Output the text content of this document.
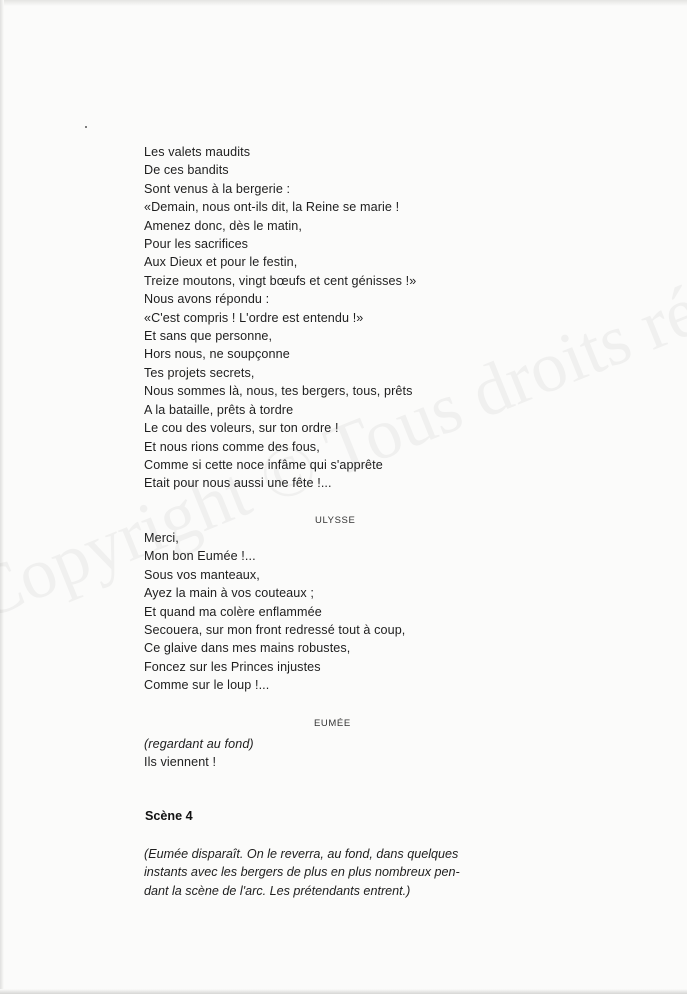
Les valets maudits
De ces bandits
Sont venus à la bergerie :
«Demain, nous ont-ils dit, la Reine se marie !
Amenez donc, dès le matin,
Pour les sacrifices
Aux Dieux et pour le festin,
Treize moutons, vingt bœufs et cent génisses !»
Nous avons répondu :
«C'est compris ! L'ordre est entendu !»
Et sans que personne,
Hors nous, ne soupçonne
Tes projets secrets,
Nous sommes là, nous, tes bergers, tous, prêts
A la bataille, prêts à tordre
Le cou des voleurs, sur ton ordre !
Et nous rions comme des fous,
Comme si cette noce infâme qui s'apprête
Etait pour nous aussi une fête !...
ULYSSE
Merci,
Mon bon Eumée !...
Sous vos manteaux,
Ayez la main à vos couteaux ;
Et quand ma colère enflammée
Secouera, sur mon front redressé tout à coup,
Ce glaive dans mes mains robustes,
Foncez sur les Princes injustes
Comme sur le loup !...
EUMÉE
(regardant au fond)
Ils viennent !
Scène 4

(Eumée disparaît. On le reverra, au fond, dans quelques
instants avec les bergers de plus en plus nombreux pen-
dant la scène de l'arc. Les prétendants entrent.)
